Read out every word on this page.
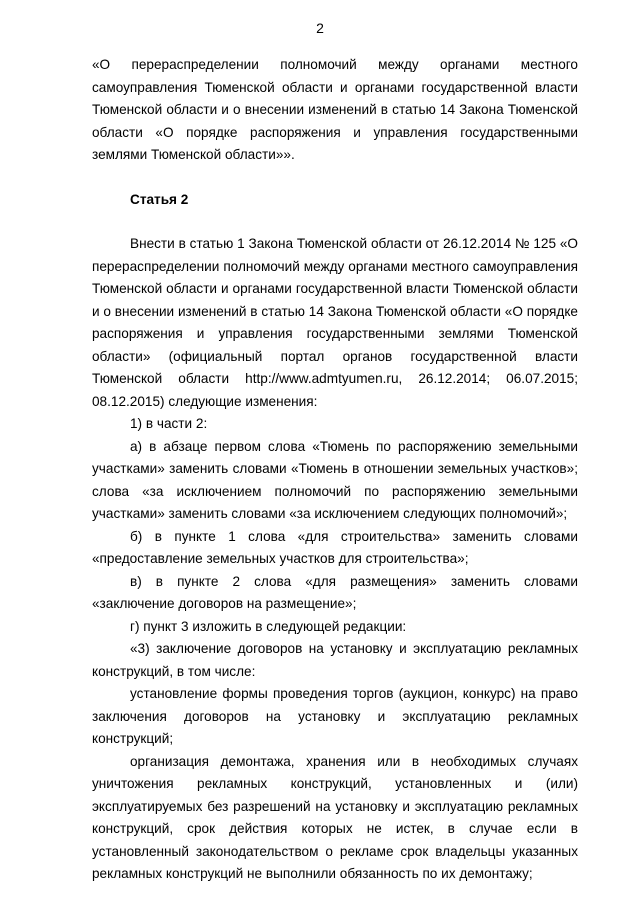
2

«О перераспределении полномочий между органами местного самоуправления Тюменской области и органами государственной власти Тюменской области и о внесении изменений в статью 14 Закона Тюменской области «О порядке распоряжения и управления государственными землями Тюменской области»».

Статья 2

Внести в статью 1 Закона Тюменской области от 26.12.2014 № 125 «О перераспределении полномочий между органами местного самоуправления Тюменской области и органами государственной власти Тюменской области и о внесении изменений в статью 14 Закона Тюменской области «О порядке распоряжения и управления государственными землями Тюменской области» (официальный портал органов государственной власти Тюменской области http://www.admtyumen.ru, 26.12.2014; 06.07.2015; 08.12.2015) следующие изменения:

1) в части 2:

а) в абзаце первом слова «Тюмень по распоряжению земельными участками» заменить словами «Тюмень в отношении земельных участков»; слова «за исключением полномочий по распоряжению земельными участками» заменить словами «за исключением следующих полномочий»;

б) в пункте 1 слова «для строительства» заменить словами «предоставление земельных участков для строительства»;

в) в пункте 2 слова «для размещения» заменить словами «заключение договоров на размещение»;

г) пункт 3 изложить в следующей редакции:

«3) заключение договоров на установку и эксплуатацию рекламных конструкций, в том числе:

установление формы проведения торгов (аукцион, конкурс) на право заключения договоров на установку и эксплуатацию рекламных конструкций;

организация демонтажа, хранения или в необходимых случаях уничтожения рекламных конструкций, установленных и (или) эксплуатируемых без разрешений на установку и эксплуатацию рекламных конструкций, срок действия которых не истек, в случае если в установленный законодательством о рекламе срок владельцы указанных рекламных конструкций не выполнили обязанность по их демонтажу;
